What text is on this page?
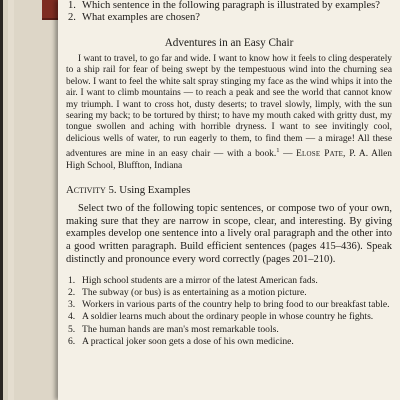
1. Which sentence in the following paragraph is illustrated by examples?
2. What examples are chosen?
Adventures in an Easy Chair

I want to travel, to go far and wide. I want to know how it feels to cling desperately to a ship rail for fear of being swept by the tempestuous wind into the churning sea below. I want to feel the white salt spray stinging my face as the wind whips it into the air. I want to climb mountains — to reach a peak and see the world that cannot know my triumph. I want to cross hot, dusty deserts; to travel slowly, limply, with the sun searing my back; to be tortured by thirst; to have my mouth caked with gritty dust, my tongue swollen and aching with horrible dryness. I want to see invitingly cool, delicious wells of water, to run eagerly to them, to find them — a mirage! All these adventures are mine in an easy chair — with a book.$^1$ — Elose Pate, P. A. Allen High School, Bluffton, Indiana

Activity 5. Using Examples

Select two of the following topic sentences, or compose two of your own, making sure that they are narrow in scope, clear, and interesting. By giving examples develop one sentence into a lively oral paragraph and the other into a good written paragraph. Build efficient sentences (pages 415–436). Speak distinctly and pronounce every word correctly (pages 201–210).

1. High school students are a mirror of the latest American fads.
2. The subway (or bus) is as entertaining as a motion picture.
3. Workers in various parts of the country help to bring food to our breakfast table.
4. A soldier learns much about the ordinary people in whose country he fights.
5. The human hands are man's most remarkable tools.
6. A practical joker soon gets a dose of his own medicine.
